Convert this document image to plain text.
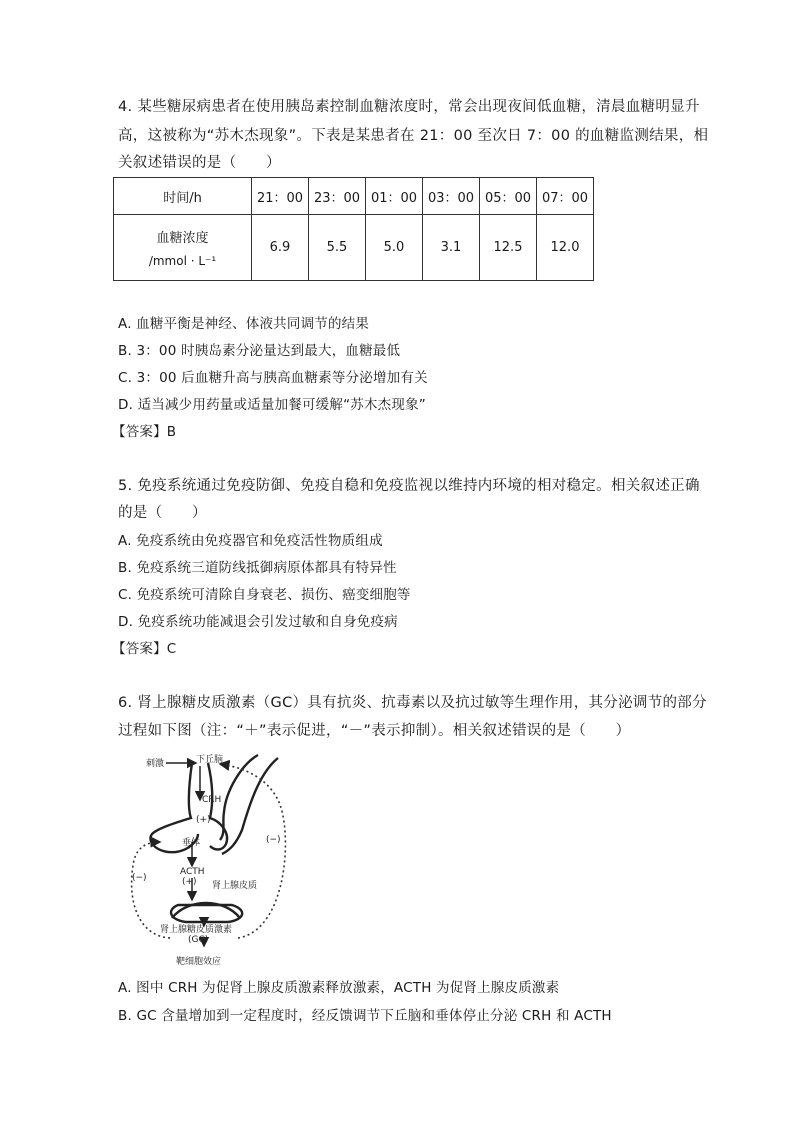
4. 某些糖尿病患者在使用胰岛素控制血糖浓度时，常会出现夜间低血糖，清晨血糖明显升
高，这被称为“苏木杰现象”。下表是某患者在 21：00 至次日 7：00 的血糖监测结果，相
关叙述错误的是（　　）
时间/h	21：00	23：00	01：00	03：00	05：00	07：00

血糖浓度
/mmol · L⁻¹	6.9	5.5	5.0	3.1	12.5	12.0
A. 血糖平衡是神经、体液共同调节的结果
B. 3：00 时胰岛素分泌量达到最大，血糖最低
C. 3：00 后血糖升高与胰高血糖素等分泌增加有关
D. 适当减少用药量或适量加餐可缓解“苏木杰现象”
【答案】B
5. 免疫系统通过免疫防御、免疫自稳和免疫监视以维持内环境的相对稳定。相关叙述正确
的是（　　）
A. 免疫系统由免疫器官和免疫活性物质组成
B. 免疫系统三道防线抵御病原体都具有特异性
C. 免疫系统可清除自身衰老、损伤、癌变细胞等
D. 免疫系统功能减退会引发过敏和自身免疫病
【答案】C
6. 肾上腺糖皮质激素（GC）具有抗炎、抗毒素以及抗过敏等生理作用，其分泌调节的部分
过程如下图（注：“＋”表示促进，“－”表示抑制）。相关叙述错误的是（　　）
刺激	下丘脑
CRH
(+)
垂体
(−)
(−)
ACTH
(+) 肾上腺皮质
肾上腺糖皮质激素
(GC)
靶细胞效应
A. 图中 CRH 为促肾上腺皮质激素释放激素，ACTH 为促肾上腺皮质激素
B. GC 含量增加到一定程度时，经反馈调节下丘脑和垂体停止分泌 CRH 和 ACTH
